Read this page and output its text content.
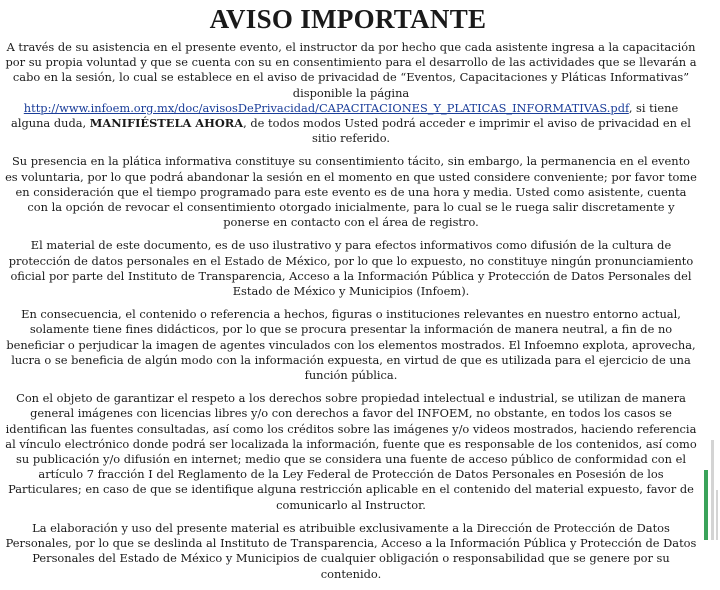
AVISO IMPORTANTE

A través de su asistencia en el presente evento, el instructor da por hecho que cada asistente ingresa a la capacitación por su propia voluntad y que se cuenta con su en consentimiento para el desarrollo de las actividades que se llevarán a cabo en la sesión, lo cual se establece en el aviso de privacidad de “Eventos, Capacitaciones y Pláticas Informativas” disponible la página http://www.infoem.org.mx/doc/avisosDePrivacidad/CAPACITACIONES_Y_PLATICAS_INFORMATIVAS.pdf, si tiene alguna duda, MANIFIÉSTELA AHORA, de todos modos Usted podrá acceder e imprimir el aviso de privacidad en el sitio referido.

Su presencia en la plática informativa constituye su consentimiento tácito, sin embargo, la permanencia en el evento es voluntaria, por lo que podrá abandonar la sesión en el momento en que usted considere conveniente; por favor tome en consideración que el tiempo programado para este evento es de una hora y media. Usted como asistente, cuenta con la opción de revocar el consentimiento otorgado inicialmente, para lo cual se le ruega salir discretamente y ponerse en contacto con el área de registro.

El material de este documento, es de uso ilustrativo y para efectos informativos como difusión de la cultura de protección de datos personales en el Estado de México, por lo que lo expuesto, no constituye ningún pronunciamiento oficial por parte del Instituto de Transparencia, Acceso a la Información Pública y Protección de Datos Personales del Estado de México y Municipios (Infoem).

En consecuencia, el contenido o referencia a hechos, figuras o instituciones relevantes en nuestro entorno actual, solamente tiene fines didácticos, por lo que se procura presentar la información de manera neutral, a fin de no beneficiar o perjudicar la imagen de agentes vinculados con los elementos mostrados. El Infoemno explota, aprovecha, lucra o se beneficia de algún modo con la información expuesta, en virtud de que es utilizada para el ejercicio de una función pública.

Con el objeto de garantizar el respeto a los derechos sobre propiedad intelectual e industrial, se utilizan de manera general imágenes con licencias libres y/o con derechos a favor del INFOEM, no obstante, en todos los casos se identifican las fuentes consultadas, así como los créditos sobre las imágenes y/o videos mostrados, haciendo referencia al vínculo electrónico donde podrá ser localizada la información, fuente que es responsable de los contenidos, así como su publicación y/o difusión en internet; medio que se considera una fuente de acceso público de conformidad con el artículo 7 fracción I del Reglamento de la Ley Federal de Protección de Datos Personales en Posesión de los Particulares; en caso de que se identifique alguna restricción aplicable en el contenido del material expuesto, favor de comunicarlo al Instructor.

La elaboración y uso del presente material es atribuible exclusivamente a la Dirección de Protección de Datos Personales, por lo que se deslinda al Instituto de Transparencia, Acceso a la Información Pública y Protección de Datos Personales del Estado de México y Municipios de cualquier obligación o responsabilidad que se genere por su contenido.
